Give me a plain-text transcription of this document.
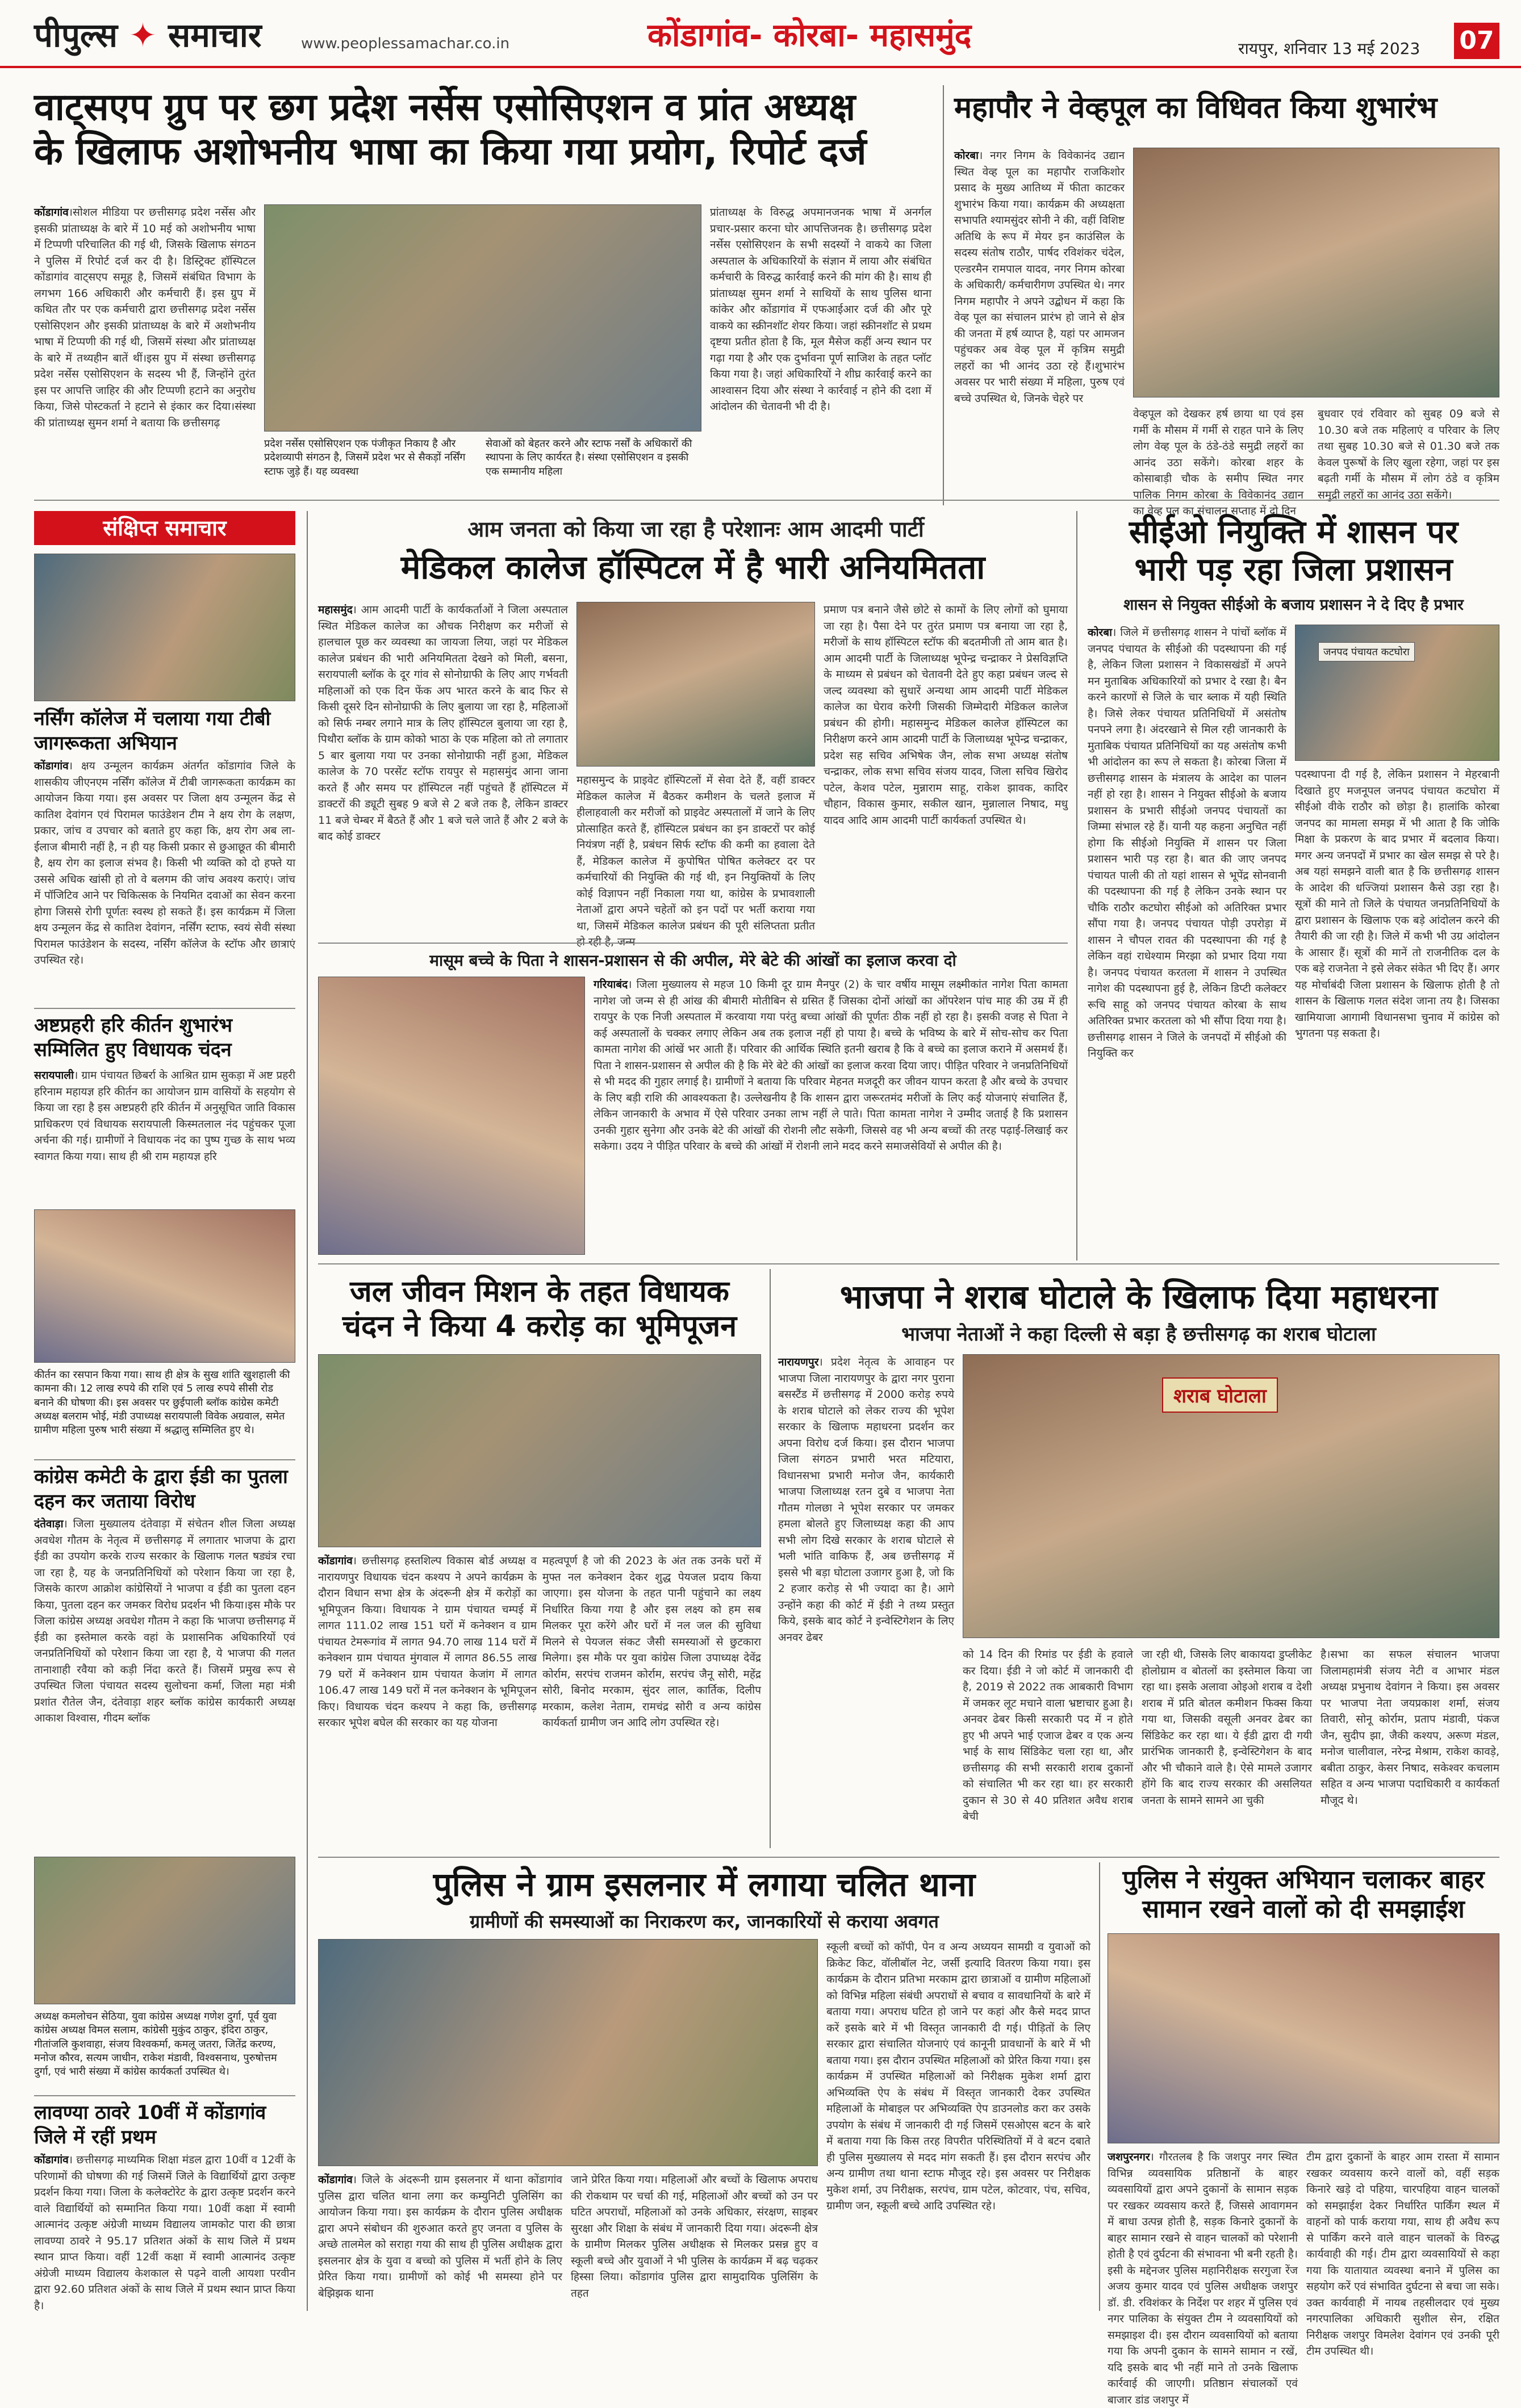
पीपुल्स ✦ समाचार	www.peoplessamachar.co.in	कोंडागांव- कोरबा- महासमुंद	रायपुर, शनिवार 13 मई 2023 07
वाट्सएप ग्रुप पर छग प्रदेश नर्सेस एसोसिएशन व प्रांत अध्यक्ष
के खिलाफ अशोभनीय भाषा का किया गया प्रयोग, रिपोर्ट दर्ज
कोंडागांव।सोशल मीडिया पर छत्तीसगढ़ प्रदेश नर्सेस और इसकी प्रांताध्यक्ष के बारे में 10 मई को अशोभनीय भाषा में टिप्पणी परिचालित की गई थी, जिसके खिलाफ संगठन ने पुलिस में रिपोर्ट दर्ज कर दी है। डिस्ट्रिक्ट हॉस्पिटल कोंडागांव वाट्सएप समूह है, जिसमें संबंधित विभाग के लगभग 166 अधिकारी और कर्मचारी हैं। इस ग्रुप में कथित तौर पर एक कर्मचारी द्वारा छत्तीसगढ़ प्रदेश नर्सेस एसोसिएशन और इसकी प्रांताध्यक्ष के बारे में अशोभनीय भाषा में टिप्पणी की गई थी, जिसमें संस्था और प्रांताध्यक्ष के बारे में तथ्यहीन बातें थीं।इस ग्रुप में संस्था छत्तीसगढ़ प्रदेश नर्सेस एसोसिएशन के सदस्य भी हैं, जिन्होंने तुरंत इस पर आपत्ति जाहिर की और टिप्पणी हटाने का अनुरोध किया, जिसे पोस्टकर्ता ने हटाने से इंकार कर दिया।संस्था की प्रांताध्यक्ष सुमन शर्मा ने बताया कि छत्तीसगढ़
प्रदेश नर्सेस एसोसिएशन एक पंजीकृत निकाय है और प्रदेशव्यापी संगठन है, जिसमें प्रदेश भर से सैकड़ों नर्सिंग स्टाफ जुड़े हैं। यह व्यवस्था
सेवाओं को बेहतर करने और स्टाफ नर्सों के अधिकारों की स्थापना के लिए कार्यरत है। संस्था एसोसिएशन व इसकी एक सम्मानीय महिला
प्रांताध्यक्ष के विरुद्ध अपमानजनक भाषा में अनर्गल प्रचार-प्रसार करना घोर आपत्तिजनक है। छत्तीसगढ़ प्रदेश नर्सेस एसोसिएशन के सभी सदस्यों ने वाकये का जिला अस्पताल के अधिकारियों के संज्ञान में लाया और संबंधित कर्मचारी के विरुद्ध कार्रवाई करने की मांग की है। साथ ही प्रांताध्यक्ष सुमन शर्मा ने साथियों के साथ पुलिस थाना कांकेर और कोंडागांव में एफआईआर दर्ज की और पूरे वाकये का स्क्रीनशॉट शेयर किया। जहां स्क्रीनशॉट से प्रथम दृष्टया प्रतीत होता है कि, मूल मैसेज कहीं अन्य स्थान पर गढ़ा गया है और एक दुर्भावना पूर्ण साजिश के तहत प्लॉट किया गया है। जहां अधिकारियों ने शीघ्र कार्रवाई करने का आश्वासन दिया और संस्था ने कार्रवाई न होने की दशा में आंदोलन की चेतावनी भी दी है।
महापौर ने वेव्हपूल का विधिवत किया शुभारंभ
कोरबा। नगर निगम के विवेकानंद उद्यान स्थित वेव्ह पूल का महापौर राजकिशोर प्रसाद के मुख्य आतिथ्य में फीता काटकर शुभारंभ किया गया। कार्यक्रम की अध्यक्षता सभापति श्यामसुंदर सोनी ने की, वहीं विशिष्ट अतिथि के रूप में मेयर इन काउंसिल के सदस्य संतोष राठौर, पार्षद रविशंकर चंदेल, एल्डरमैन रामपाल यादव, नगर निगम कोरबा के अधिकारी/ कर्मचारीगण उपस्थित थे। नगर निगम महापौर ने अपने उद्बोधन में कहा कि वेव्ह पूल का संचालन प्रारंभ हो जाने से क्षेत्र की जनता में हर्ष व्याप्त है, यहां पर आमजन पहुंचकर अब वेव्ह पूल में कृत्रिम समुद्री लहरों का भी आनंद उठा रहे हैं।शुभारंभ अवसर पर भारी संख्या में महिला, पुरुष एवं बच्चे उपस्थित थे, जिनके चेहरे पर
वेव्हपूल को देखकर हर्ष छाया था एवं इस गर्मी के मौसम में गर्मी से राहत पाने के लिए लोग वेव्ह पूल के ठंडे-ठंडे समुद्री लहरों का आनंद उठा सकेंगे। कोरबा शहर के कोसाबाड़ी चौक के समीप स्थित नगर पालिक निगम कोरबा के विवेकानंद उद्यान का वेव्ह पूल का संचालन सप्ताह में दो दिन
बुधवार एवं रविवार को सुबह 09 बजे से 10.30 बजे तक महिलाएं व परिवार के लिए तथा सुबह 10.30 बजे से 01.30 बजे तक केवल पुरूषों के लिए खुला रहेगा, जहां पर इस बढ़ती गर्मी के मौसम में लोग ठंडे व कृत्रिम समुद्री लहरों का आनंद उठा सकेंगे।
संक्षिप्त समाचार
नर्सिंग कॉलेज में चलाया गया टीबी जागरूकता अभियान
कोंडागांव। क्षय उन्मूलन कार्यक्रम अंतर्गत कोंडागांव जिले के शासकीय जीएनएम नर्सिंग कॉलेज में टीबी जागरूकता कार्यक्रम का आयोजन किया गया। इस अवसर पर जिला क्षय उन्मूलन केंद्र से कातिश देवांगन एवं पिरामल फाउंडेशन टीम ने क्षय रोग के लक्षण, प्रकार, जांच व उपचार को बताते हुए कहा कि, क्षय रोग अब ला-ईलाज बीमारी नहीं है, न ही यह किसी प्रकार से छुआछूत की बीमारी है, क्षय रोग का इलाज संभव है। किसी भी व्यक्ति को दो हफ्ते या उससे अधिक खांसी हो तो वे बलगम की जांच अवश्य कराएं। जांच में पॉजिटिव आने पर चिकित्सक के नियमित दवाओं का सेवन करना होगा जिससे रोगी पूर्णतः स्वस्थ हो सकते हैं। इस कार्यक्रम में जिला क्षय उन्मूलन केंद्र से कातिश देवांगन, नर्सिंग स्टाफ, स्वयं सेवी संस्था पिरामल फाउंडेशन के सदस्य, नर्सिंग कॉलेज के स्टॉफ और छात्राएं उपस्थित रहे।
अष्टप्रहरी हरि कीर्तन शुभारंभ सम्मिलित हुए विधायक चंदन
सरायपाली। ग्राम पंचायत छिबर्रा के आश्रित ग्राम सुकड़ा में अष्ट प्रहरी हरिनाम महायज्ञ हरि कीर्तन का आयोजन ग्राम वासियों के सहयोग से किया जा रहा है इस अष्टप्रहरी हरि कीर्तन में अनुसूचित जाति विकास प्राधिकरण एवं विधायक सरायपाली किस्मतलाल नंद पहुंचकर पूजा अर्चना की गई। ग्रामीणों ने विधायक नंद का पुष्प गुच्छ के साथ भव्य स्वागत किया गया। साथ ही श्री राम महायज्ञ हरि
कीर्तन का रसपान किया गया। साथ ही क्षेत्र के सुख शांति खुशहाली की कामना की। 12 लाख रुपये की राशि एवं 5 लाख रुपये सीसी रोड बनाने की घोषणा की। इस अवसर पर छुईपाली ब्लॉक कांग्रेस कमेटी अध्यक्ष बलराम भोई, मंडी उपाध्यक्ष सरायपाली विवेक अग्रवाल, समेत ग्रामीण महिला पुरुष भारी संख्या में श्रद्धालु सम्मिलित हुए थे।
कांग्रेस कमेटी के द्वारा ईडी का पुतला दहन कर जताया विरोध
दंतेवाड़ा। जिला मुख्यालय दंतेवाड़ा में संचेतन शील जिला अध्यक्ष अवधेश गौतम के नेतृत्व में छत्तीसगढ़ में लगातार भाजपा के द्वारा ईडी का उपयोग करके राज्य सरकार के खिलाफ गलत षड्यंत्र रचा जा रहा है, यह के जनप्रतिनिधियों को परेशान किया जा रहा है, जिसके कारण आक्रोश कांग्रेसियों ने भाजपा व ईडी का पुतला दहन किया, पुतला दहन कर जमकर विरोध प्रदर्शन भी किया।इस मौके पर जिला कांग्रेस अध्यक्ष अवधेश गौतम ने कहा कि भाजपा छत्तीसगढ़ में ईडी का इस्तेमाल करके वहां के प्रशासनिक अधिकारियों एवं जनप्रतिनिधियों को परेशान किया जा रहा है, ये भाजपा की गलत तानाशाही रवैया को कड़ी निंदा करते हैं। जिसमें प्रमुख रूप से उपस्थित जिला पंचायत सदस्य सुलोचना कर्मा, जिला महा मंत्री प्रशांत रौतेल जैन, दंतेवाड़ा शहर ब्लॉक कांग्रेस कार्यकारी अध्यक्ष आकाश विश्वास, गीदम ब्लॉक
अध्यक्ष कमलोचन सेठिया, युवा कांग्रेस अध्यक्ष गणेश दुर्गा, पूर्व युवा कांग्रेस अध्यक्ष विमल सलाम, कांग्रेसी मुकुंद ठाकुर, इंदिरा ठाकुर, गीतांजलि कुशवाहा, संजय विश्वकर्मा, कमलू जतरा, जितेंद्र करण्य, मनोज कौरव, सत्यम जाधीन, राकेश मंडावी, विश्वसनाथ, पुरुषोत्तम दुर्गा, एवं भारी संख्या में कांग्रेस कार्यकर्ता उपस्थित थे।
लावण्या ठावरे 10वीं में कोंडागांव जिले में रहीं प्रथम
कोंडागांव। छत्तीसगढ़ माध्यमिक शिक्षा मंडल द्वारा 10वीं व 12वीं के परिणामों की घोषणा की गई जिसमें जिले के विद्यार्थियों द्वारा उत्कृष्ट प्रदर्शन किया गया। जिला के कलेक्टोरेट के द्वारा उत्कृष्ट प्रदर्शन करने वाले विद्यार्थियों को सम्मानित किया गया। 10वीं कक्षा में स्वामी आत्मानंद उत्कृष्ट अंग्रेजी माध्यम विद्यालय जामकोट पारा की छात्रा लावण्या ठावरे ने 95.17 प्रतिशत अंकों के साथ जिले में प्रथम स्थान प्राप्त किया। वहीं 12वीं कक्षा में स्वामी आत्मानंद उत्कृष्ट अंग्रेजी माध्यम विद्यालय केशकाल से पढ़ने वाली आयशा परवीन द्वारा 92.60 प्रतिशत अंकों के साथ जिले में प्रथम स्थान प्राप्त किया है।
आम जनता को किया जा रहा है परेशानः आम आदमी पार्टी
मेडिकल कालेज हॉस्पिटल में है भारी अनियमितता
महासमुंद। आम आदमी पार्टी के कार्यकर्ताओं ने जिला अस्पताल स्थित मेडिकल कालेज का औचक निरीक्षण कर मरीजों से हालचाल पूछ कर व्यवस्था का जायजा लिया, जहां पर मेडिकल कालेज प्रबंधन की भारी अनियमितता देखने को मिली, बसना, सरायपाली ब्लॉक के दूर गांव से सोनोग्राफी के लिए आए गर्भवती महिलाओं को एक दिन फेंक अप भारत करने के बाद फिर से किसी दूसरे दिन सोनोग्राफी के लिए बुलाया जा रहा है, महिलाओं को सिर्फ नम्बर लगाने मात्र के लिए हॉस्पिटल बुलाया जा रहा है, पिथौरा ब्लॉक के ग्राम कोको भाठा के एक महिला को तो लगातार 5 बार बुलाया गया पर उनका सोनोग्राफी नहीं हुआ, मेडिकल कालेज के 70 परसेंट स्टॉफ रायपुर से महासमुंद आना जाना करते हैं और समय पर हॉस्पिटल नहीं पहुंचते हैं हॉस्पिटल में डाक्टरों की ड्यूटी सुबह 9 बजे से 2 बजे तक है, लेकिन डाक्टर 11 बजे चेम्बर में बैठते हैं और 1 बजे चले जाते हैं और 2 बजे के बाद कोई डाक्टर
महासमुन्द के प्राइवेट हॉस्पिटलों में सेवा देते हैं, वहीं डाक्टर मेडिकल कालेज में बैठकर कमीशन के चलते इलाज में हीलाहवाली कर मरीजों को प्राइवेट अस्पतालों में जाने के लिए प्रोत्साहित करते हैं, हॉस्पिटल प्रबंधन का इन डाक्टरों पर कोई नियंत्रण नहीं है, प्रबंधन सिर्फ स्टॉफ की कमी का हवाला देते हैं, मेडिकल कालेज में कुपोषित पोषित कलेक्टर दर पर कर्मचारियों की नियुक्ति की गई थी, इन नियुक्तियों के लिए कोई विज्ञापन नहीं निकाला गया था, कांग्रेस के प्रभावशाली नेताओं द्वारा अपने चहेतों को इन पदों पर भर्ती कराया गया था, जिसमें मेडिकल कालेज प्रबंधन की पूरी संलिप्तता प्रतीत हो रही है, जन्म
प्रमाण पत्र बनाने जैसे छोटे से कामों के लिए लोगों को घुमाया जा रहा है। पैसा देने पर तुरंत प्रमाण पत्र बनाया जा रहा है, मरीजों के साथ हॉस्पिटल स्टॉफ की बदतमीजी तो आम बात है। आम आदमी पार्टी के जिलाध्यक्ष भूपेन्द्र चन्द्राकर ने प्रेसविज्ञप्ति के माध्यम से प्रबंधन को चेतावनी देते हुए कहा प्रबंधन जल्द से जल्द व्यवस्था को सुधारें अन्यथा आम आदमी पार्टी मेडिकल कालेज का घेराव करेगी जिसकी जिम्मेदारी मेडिकल कालेज प्रबंधन की होगी। महासमुन्द मेडिकल कालेज हॉस्पिटल का निरीक्षण करने आम आदमी पार्टी के जिलाध्यक्ष भूपेन्द्र चन्द्राकर, प्रदेश सह सचिव अभिषेक जैन, लोक सभा अध्यक्ष संतोष चन्द्राकर, लोक सभा सचिव संजय यादव, जिला सचिव खिरोद पटेल, केशव पटेल, मुन्नाराम साहू, राकेश झावक, कादिर चौहान, विकास कुमार, सकील खान, मुन्नालाल निषाद, मधु यादव आदि आम आदमी पार्टी कार्यकर्ता उपस्थित थे।
सीईओ नियुक्ति में शासन पर
भारी पड़ रहा जिला प्रशासन
शासन से नियुक्त सीईओ के बजाय प्रशासन ने दे दिए है प्रभार
कोरबा। जिले में छत्तीसगढ़ शासन ने पांचों ब्लॉक में जनपद पंचायत के सीईओ की पदस्थापना की गई है, लेकिन जिला प्रशासन ने विकासखंडों में अपने मन मुताबिक अधिकारियों को प्रभार दे रखा है। बैन करने कारणों से जिले के चार ब्लाक में यही स्थिति है। जिसे लेकर पंचायत प्रतिनिधियों में असंतोष पनपने लगा है। अंदरखाने से मिल रही जानकारी के मुताबिक पंचायत प्रतिनिधियों का यह असंतोष कभी भी आंदोलन का रूप ले सकता है। कोरबा जिला में छत्तीसगढ़ शासन के मंत्रालय के आदेश का पालन नहीं हो रहा है। शासन ने नियुक्त सीईओ के बजाय प्रशासन के प्रभारी सीईओ जनपद पंचायतों का जिम्मा संभाल रहे हैं। यानी यह कहना अनुचित नहीं होगा कि सीईओ नियुक्ति में शासन पर जिला प्रशासन भारी पड़ रहा है। बात की जाए जनपद पंचायत पाली की तो यहां शासन से भूपेंद्र सोनवानी की पदस्थापना की गई है लेकिन उनके स्थान पर चौकि राठौर कटघोरा सीईओ को अतिरिक्त प्रभार सौंपा गया है। जनपद पंचायत पोड़ी उपरोड़ा में शासन ने चौपल रावत की पदस्थापना की गई है लेकिन वहां राधेश्याम मिरझा को प्रभार दिया गया है। जनपद पंचायत करतला में शासन ने उपस्थित नागेश की पदस्थापना हुई है, लेकिन डिप्टी कलेक्टर रूचि साहू को जनपद पंचायत कोरबा के साथ अतिरिक्त प्रभार करतला को भी सौंपा दिया गया है। छत्तीसगढ़ शासन ने जिले के जनपदों में सीईओ की नियुक्ति कर
जनपद पंचायत कटघोरा
पदस्थापना दी गई है, लेकिन प्रशासन ने मेहरबानी दिखाते हुए मजनूपल जनपद पंचायत कटघोरा में सीईओ वीके राठौर को छोड़ा है। हालांकि कोरबा जनपद का मामला समझ में भी आता है कि जोकि मिक्षा के प्रकरण के बाद प्रभार में बदलाव किया। मगर अन्य जनपदों में प्रभार का खेल समझ से परे है। अब यहां समझने वाली बात है कि छत्तीसगढ़ शासन के आदेश की धज्जियां प्रशासन कैसे उड़ा रहा है। सूत्रों की माने तो जिले के पंचायत जनप्रतिनिधियों के द्वारा प्रशासन के खिलाफ एक बड़े आंदोलन करने की तैयारी की जा रही है। जिले में कभी भी उग्र आंदोलन के आसार हैं। सूत्रों की मानें तो राजनीतिक दल के एक बड़े राजनेता ने इसे लेकर संकेत भी दिए हैं। अगर यह मोर्चाबंदी जिला प्रशासन के खिलाफ होती है तो शासन के खिलाफ गलत संदेश जाना तय है। जिसका खामियाजा आगामी विधानसभा चुनाव में कांग्रेस को भुगतना पड़ सकता है।
मासूम बच्चे के पिता ने शासन-प्रशासन से की अपील, मेरे बेटे की आंखों का इलाज करवा दो
गरियाबंद। जिला मुख्यालय से महज 10 किमी दूर ग्राम मैनपुर (2) के चार वर्षीय मासूम लक्ष्मीकांत नागेश पिता कामता नागेश जो जन्म से ही आंख की बीमारी मोतीबिन से ग्रसित हैं जिसका दोनों आंखों का ऑपरेशन पांच माह की उम्र में ही रायपुर के एक निजी अस्पताल में करवाया गया परंतु बच्चा आंखों की पूर्णतः ठीक नहीं हो रहा है। इसकी वजह से पिता ने कई अस्पतालों के चक्कर लगाए लेकिन अब तक इलाज नहीं हो पाया है। बच्चे के भविष्य के बारे में सोच-सोच कर पिता कामता नागेश की आंखें भर आती हैं। परिवार की आर्थिक स्थिति इतनी खराब है कि वे बच्चे का इलाज कराने में असमर्थ हैं। पिता ने शासन-प्रशासन से अपील की है कि मेरे बेटे की आंखों का इलाज करवा दिया जाए। पीड़ित परिवार ने जनप्रतिनिधियों से भी मदद की गुहार लगाई है। ग्रामीणों ने बताया कि परिवार मेहनत मजदूरी कर जीवन यापन करता है और बच्चे के उपचार के लिए बड़ी राशि की आवश्यकता है। उल्लेखनीय है कि शासन द्वारा जरूरतमंद मरीजों के लिए कई योजनाएं संचालित हैं, लेकिन जानकारी के अभाव में ऐसे परिवार उनका लाभ नहीं ले पाते। पिता कामता नागेश ने उम्मीद जताई है कि प्रशासन उनकी गुहार सुनेगा और उनके बेटे की आंखों की रोशनी लौट सकेगी, जिससे वह भी अन्य बच्चों की तरह पढ़ाई-लिखाई कर सकेगा। उदय ने पीड़ित परिवार के बच्चे की आंखों में रोशनी लाने मदद करने समाजसेवियों से अपील की है।
जल जीवन मिशन के तहत विधायक
चंदन ने किया 4 करोड़ का भूमिपूजन
कोंडागांव। छत्तीसगढ़ हस्तशिल्प विकास बोर्ड अध्यक्ष व नारायणपुर विधायक चंदन कश्यप ने अपने कार्यक्रम के दौरान विधान सभा क्षेत्र के अंदरूनी क्षेत्र में करोड़ों का भूमिपूजन किया। विधायक ने ग्राम पंचायत चम्पई में लागत 111.02 लाख 151 घरों में कनेक्शन व ग्राम पंचायत टेमरूगांव में लागत 94.70 लाख 114 घरों में कनेक्शन ग्राम पंचायत मुंगवाल में लागत 86.55 लाख 79 घरों में कनेक्शन ग्राम पंचायत केजांग में लागत 106.47 लाख 149 घरों में नल कनेक्शन के भूमिपूजन किए। विधायक चंदन कश्यप ने कहा कि, छत्तीसगढ़ सरकार भूपेश बघेल की सरकार का यह योजना
महत्वपूर्ण है जो की 2023 के अंत तक उनके घरों में मुफ्त नल कनेक्शन देकर शुद्ध पेयजल प्रदाय किया जाएगा। इस योजना के तहत पानी पहुंचाने का लक्ष्य निर्धारित किया गया है और इस लक्ष्य को हम सब मिलकर पूरा करेंगे और घरों में नल जल की सुविधा मिलने से पेयजल संकट जैसी समस्याओं से छुटकारा मिलेगा। इस मौके पर युवा कांग्रेस जिला उपाध्यक्ष देवेंद्र कोर्राम, सरपंच राजमन कोर्राम, सरपंच जैनू सोरी, महेंद्र सोरी, बिनोद मरकाम, सुंदर लाल, कार्तिक, दिलीप मरकाम, कलेश नेताम, रामचंद्र सोरी व अन्य कांग्रेस कार्यकर्ता ग्रामीण जन आदि लोग उपस्थित रहे।
भाजपा ने शराब घोटाले के खिलाफ दिया महाधरना
भाजपा नेताओं ने कहा दिल्ली से बड़ा है छत्तीसगढ़ का शराब घोटाला
नारायणपुर। प्रदेश नेतृत्व के आवाहन पर भाजपा जिला नारायणपुर के द्वारा नगर पुराना बसस्टैंड में छत्तीसगढ़ में 2000 करोड़ रुपये के शराब घोटाले को लेकर राज्य की भूपेश सरकार के खिलाफ महाधरना प्रदर्शन कर अपना विरोध दर्ज किया। इस दौरान भाजपा जिला संगठन प्रभारी भरत मटियारा, विधानसभा प्रभारी मनोज जैन, कार्यकारी भाजपा जिलाध्यक्ष रतन दुबे व भाजपा नेता गौतम गोलछा ने भूपेश सरकार पर जमकर हमला बोलते हुए जिलाध्यक्ष कहा की आप सभी लोग दिखे सरकार के शराब घोटाले से भली भांति वाकिफ हैं, अब छत्तीसगढ़ में इससे भी बड़ा घोटाला उजागर हुआ है, जो कि 2 हजार करोड़ से भी ज्यादा का है। आगे उन्होंने कहा की कोर्ट में ईडी ने तथ्य प्रस्तुत किये, इसके बाद कोर्ट ने इन्वेस्टिगेशन के लिए अनवर ढेबर
शराब घोटाला
को 14 दिन की रिमांड पर ईडी के हवाले कर दिया। ईडी ने जो कोर्ट में जानकारी दी है, 2019 से 2022 तक आबकारी विभाग में जमकर लूट मचाने वाला भ्रष्टाचार हुआ है। अनवर ढेबर किसी सरकारी पद में न होते हुए भी अपने भाई एजाज ढेबर व एक अन्य भाई के साथ सिंडिकेट चला रहा था, और छत्तीसगढ़ की सभी सरकारी शराब दुकानों को संचालित भी कर रहा था। हर सरकारी दुकान से 30 से 40 प्रतिशत अवैध शराब बेची
जा रही थी, जिसके लिए बाकायदा डुप्लीकेट होलोग्राम व बोतलों का इस्तेमाल किया जा रहा था। इसके अलावा ओइओ शराब व देशी शराब में प्रति बोतल कमीशन फिक्स किया गया था, जिसकी वसूली अनवर ढेबर का सिंडिकेट कर रहा था। ये ईडी द्वारा दी गयी प्रारंभिक जानकारी है, इन्वेस्टिगेशन के बाद और भी चौकाने वाले है। ऐसे मामले उजागर होंगे कि बाद राज्य सरकार की असलियत जनता के सामने सामने आ चुकी
है।सभा का सफल संचालन भाजपा जिलामहामंत्री संजय नेटी व आभार मंडल अध्यक्ष प्रभुनाथ देवांगन ने किया। इस अवसर पर भाजपा नेता जयप्रकाश शर्मा, संजय तिवारी, सोनू कोर्राम, प्रताप मंडावी, पंकज जैन, सुदीप झा, जैकी कश्यप, अरूण मंडल, मनोज चालीवाल, नरेन्द्र मेश्राम, राकेश कावड़े, बबीता ठाकुर, केसर निषाद, सकेश्वर कचलाम सहित व अन्य भाजपा पदाधिकारी व कार्यकर्ता मौजूद थे।
पुलिस ने ग्राम इसलनार में लगाया चलित थाना
ग्रामीणों की समस्याओं का निराकरण कर, जानकारियों से कराया अवगत
कोंडागांव। जिले के अंदरूनी ग्राम इसलनार में थाना कोंडागांव पुलिस द्वारा चलित थाना लगा कर कम्युनिटी पुलिसिंग का आयोजन किया गया। इस कार्यक्रम के दौरान पुलिस अधीक्षक द्वारा अपने संबोधन की शुरुआत करते हुए जनता व पुलिस के अच्छे तालमेल को सराहा गया की साथ ही पुलिस अधीक्षक द्वारा इसलनार क्षेत्र के युवा व बच्चो को पुलिस में भर्ती होने के लिए प्रेरित किया गया। ग्रामीणों को कोई भी समस्या होने पर बेझिझक थाना
जाने प्रेरित किया गया। महिलाओं और बच्चों के खिलाफ अपराध की रोकथाम पर चर्चा की गई, महिलाओं और बच्चों को उन पर घटित अपराधों, महिलाओं को उनके अधिकार, संरक्षण, साइबर सुरक्षा और शिक्षा के संबंध में जानकारी दिया गया। अंदरूनी क्षेत्र के ग्रामीण मिलकर पुलिस अधीक्षक से मिलकर प्रसन्न हुए व स्कूली बच्चे और युवाओं ने भी पुलिस के कार्यक्रम में बढ़ चढ़कर हिस्सा लिया। कोंडागांव पुलिस द्वारा सामुदायिक पुलिसिंग के तहत
स्कूली बच्चों को कॉपी, पेन व अन्य अध्ययन सामग्री व युवाओं को क्रिकेट किट, वॉलीबॉल नेट, जर्सी इत्यादि वितरण किया गया। इस कार्यक्रम के दौरान प्रतिभा मरकाम द्वारा छात्राओं व ग्रामीण महिलाओं को विभिन्न महिला संबंधी अपराधों से बचाव व सावधानियों के बारे में बताया गया। अपराध घटित हो जाने पर कहां और कैसे मदद प्राप्त करें इसके बारे में भी विस्तृत जानकारी दी गई। पीड़ितों के लिए सरकार द्वारा संचालित योजनाएं एवं कानूनी प्रावधानों के बारे में भी बताया गया। इस दौरान उपस्थित महिलाओं को प्रेरित किया गया। इस कार्यक्रम में उपस्थित महिलाओं को निरीक्षक मुकेश शर्मा द्वारा अभिव्यक्ति ऐप के संबंध में विस्तृत जानकारी देकर उपस्थित महिलाओं के मोबाइल पर अभिव्यक्ति ऐप डाउनलोड करा कर उसके उपयोग के संबंध में जानकारी दी गई जिसमें एसओएस बटन के बारे में बताया गया कि किस तरह विपरीत परिस्थितियों में वे बटन दबाते ही पुलिस मुख्यालय से मदद मांग सकती हैं। इस दौरान सरपंच और अन्य ग्रामीण तथा थाना स्टाफ मौजूद रहे। इस अवसर पर निरीक्षक मुकेश शर्मा, उप निरीक्षक, सरपंच, ग्राम पटेल, कोटवार, पंच, सचिव, ग्रामीण जन, स्कूली बच्चे आदि उपस्थित रहे।
पुलिस ने संयुक्त अभियान चलाकर बाहर
सामान रखने वालों को दी समझाईश
जशपुरनगर। गौरतलब है कि जशपुर नगर स्थित विभिन्न व्यवसायिक प्रतिष्ठानों के बाहर व्यवसायियों द्वारा अपने दुकानों के सामान सड़क पर रखकर व्यवसाय करते हैं, जिससे आवागमन में बाधा उत्पन्न होती है, सड़क किनारे दुकानों के बाहर सामान रखने से वाहन चालकों को परेशानी होती है एवं दुर्घटना की संभावना भी बनी रहती है। इसी के मद्देनजर पुलिस महानिरीक्षक सरगुजा रेंज अजय कुमार यादव एवं पुलिस अधीक्षक जशपुर डॉ. डी. रविशंकर के निर्देश पर शहर में पुलिस एवं नगर पालिका के संयुक्त टीम ने व्यवसायियों को समझाइश दी। इस दौरान व्यवसायियों को बताया गया कि अपनी दुकान के सामने सामान न रखें, यदि इसके बाद भी नहीं माने तो उनके खिलाफ कार्रवाई की जाएगी। प्रतिष्ठान संचालकों एवं बाजार डांड जशपुर में
टीम द्वारा दुकानों के बाहर आम रास्ता में सामान रखकर व्यवसाय करने वालों को, वहीं सड़क किनारे खड़े दो पहिया, चारपहिया वाहन चालकों को समझाईश देकर निर्धारित पार्किंग स्थल में वाहनों को पार्क कराया गया, साथ ही अवैध रूप से पार्किंग करने वाले वाहन चालकों के विरुद्ध कार्यवाही की गई। टीम द्वारा व्यवसायियों से कहा गया कि यातायात व्यवस्था बनाने में पुलिस का सहयोग करें एवं संभावित दुर्घटना से बचा जा सके। उक्त कार्यवाही में नायब तहसीलदार एवं मुख्य नगरपालिका अधिकारी सुशील सेन, रक्षित निरीक्षक जशपुर विमलेश देवांगन एवं उनकी पूरी टीम उपस्थित थी।
